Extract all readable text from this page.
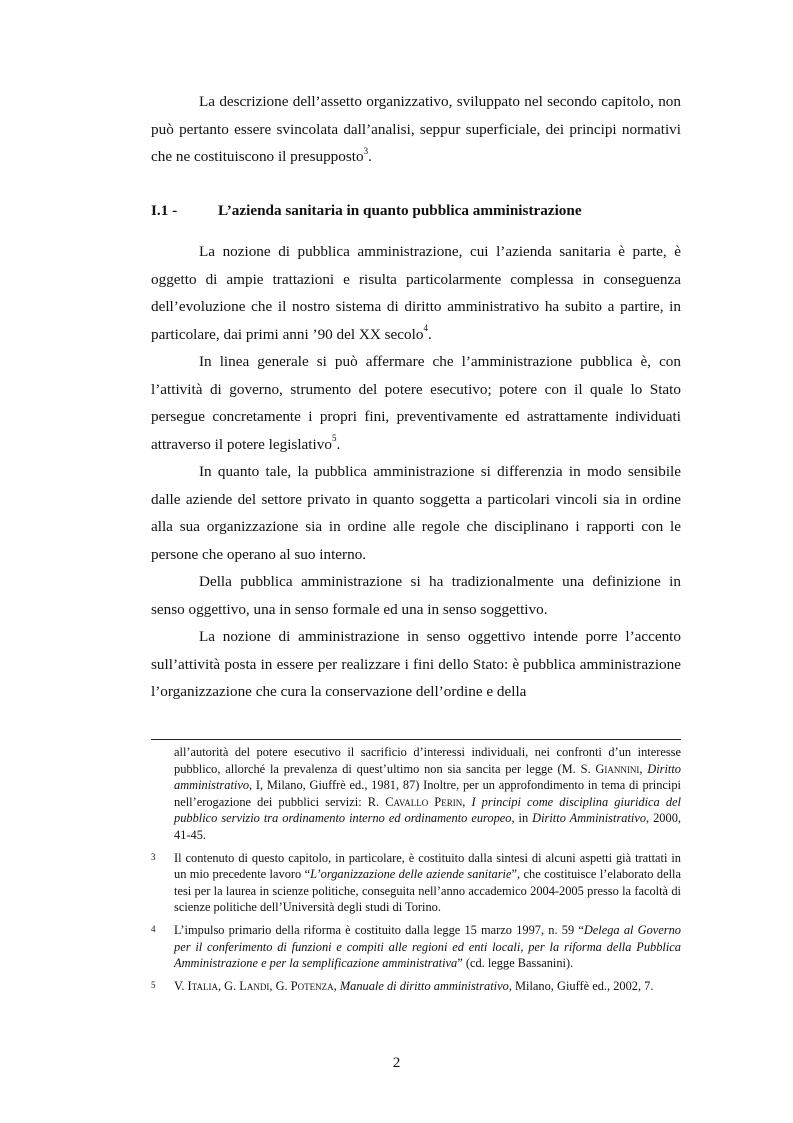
La descrizione dell’assetto organizzativo, sviluppato nel secondo capitolo, non può pertanto essere svincolata dall’analisi, seppur superficiale, dei principi normativi che ne costituiscono il presupposto$^3$.

I.1 -	L’azienda sanitaria in quanto pubblica amministrazione

La nozione di pubblica amministrazione, cui l’azienda sanitaria è parte, è oggetto di ampie trattazioni e risulta particolarmente complessa in conseguenza dell’evoluzione che il nostro sistema di diritto amministrativo ha subito a partire, in particolare, dai primi anni ’90 del XX secolo$^4$.

In linea generale si può affermare che l’amministrazione pubblica è, con l’attività di governo, strumento del potere esecutivo; potere con il quale lo Stato persegue concretamente i propri fini, preventivamente ed astrattamente individuati attraverso il potere legislativo$^5$.

In quanto tale, la pubblica amministrazione si differenzia in modo sensibile dalle aziende del settore privato in quanto soggetta a particolari vincoli sia in ordine alla sua organizzazione sia in ordine alle regole che disciplinano i rapporti con le persone che operano al suo interno.

Della pubblica amministrazione si ha tradizionalmente una definizione in senso oggettivo, una in senso formale ed una in senso soggettivo.

La nozione di amministrazione in senso oggettivo intende porre l’accento sull’attività posta in essere per realizzare i fini dello Stato: è pubblica amministrazione l’organizzazione che cura la conservazione dell’ordine e della

all’autorità del potere esecutivo il sacrificio d’interessi individuali, nei confronti d’un interesse pubblico, allorché la prevalenza di quest’ultimo non sia sancita per legge (M. S. Giannini, Diritto amministrativo, I, Milano, Giuffrè ed., 1981, 87) Inoltre, per un approfondimento in tema di principi nell’erogazione dei pubblici servizi: R. Cavallo Perin, I principi come disciplina giuridica del pubblico servizio tra ordinamento interno ed ordinamento europeo, in Diritto Amministrativo, 2000, 41-45.
3	Il contenuto di questo capitolo, in particolare, è costituito dalla sintesi di alcuni aspetti già trattati in un mio precedente lavoro “L’organizzazione delle aziende sanitarie”, che costituisce l’elaborato della tesi per la laurea in scienze politiche, conseguita nell’anno accademico 2004-2005 presso la facoltà di scienze politiche dell’Università degli studi di Torino.
4	L’impulso primario della riforma è costituito dalla legge 15 marzo 1997, n. 59 “Delega al Governo per il conferimento di funzioni e compiti alle regioni ed enti locali, per la riforma della Pubblica Amministrazione e per la semplificazione amministrativa” (cd. legge Bassanini).
5	V. Italia, G. Landi, G. Potenza, Manuale di diritto amministrativo, Milano, Giuffè ed., 2002, 7.
2
